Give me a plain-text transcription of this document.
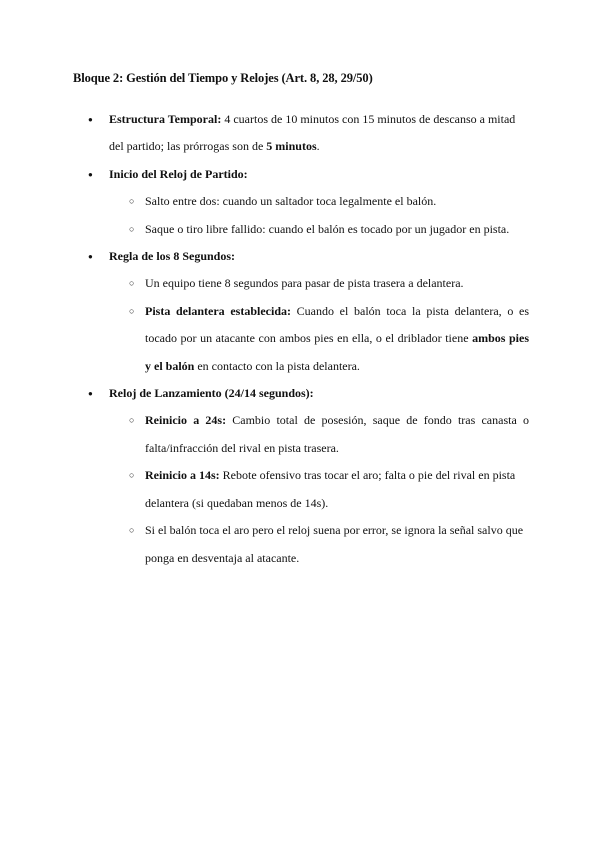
Bloque 2: Gestión del Tiempo y Relojes (Art. 8, 28, 29/50)
● Estructura Temporal: 4 cuartos de 10 minutos con 15 minutos de descanso a mitad del partido; las prórrogas son de 5 minutos.
● Inicio del Reloj de Partido:
○ Salto entre dos: cuando un saltador toca legalmente el balón.
○ Saque o tiro libre fallido: cuando el balón es tocado por un jugador en pista.
● Regla de los 8 Segundos:
○ Un equipo tiene 8 segundos para pasar de pista trasera a delantera.
○ Pista delantera establecida: Cuando el balón toca la pista delantera, o es tocado por un atacante con ambos pies en ella, o el driblador tiene ambos pies y el balón en contacto con la pista delantera.
● Reloj de Lanzamiento (24/14 segundos):
○ Reinicio a 24s: Cambio total de posesión, saque de fondo tras canasta o falta/infracción del rival en pista trasera.
○ Reinicio a 14s: Rebote ofensivo tras tocar el aro; falta o pie del rival en pista delantera (si quedaban menos de 14s).
○ Si el balón toca el aro pero el reloj suena por error, se ignora la señal salvo que ponga en desventaja al atacante.
